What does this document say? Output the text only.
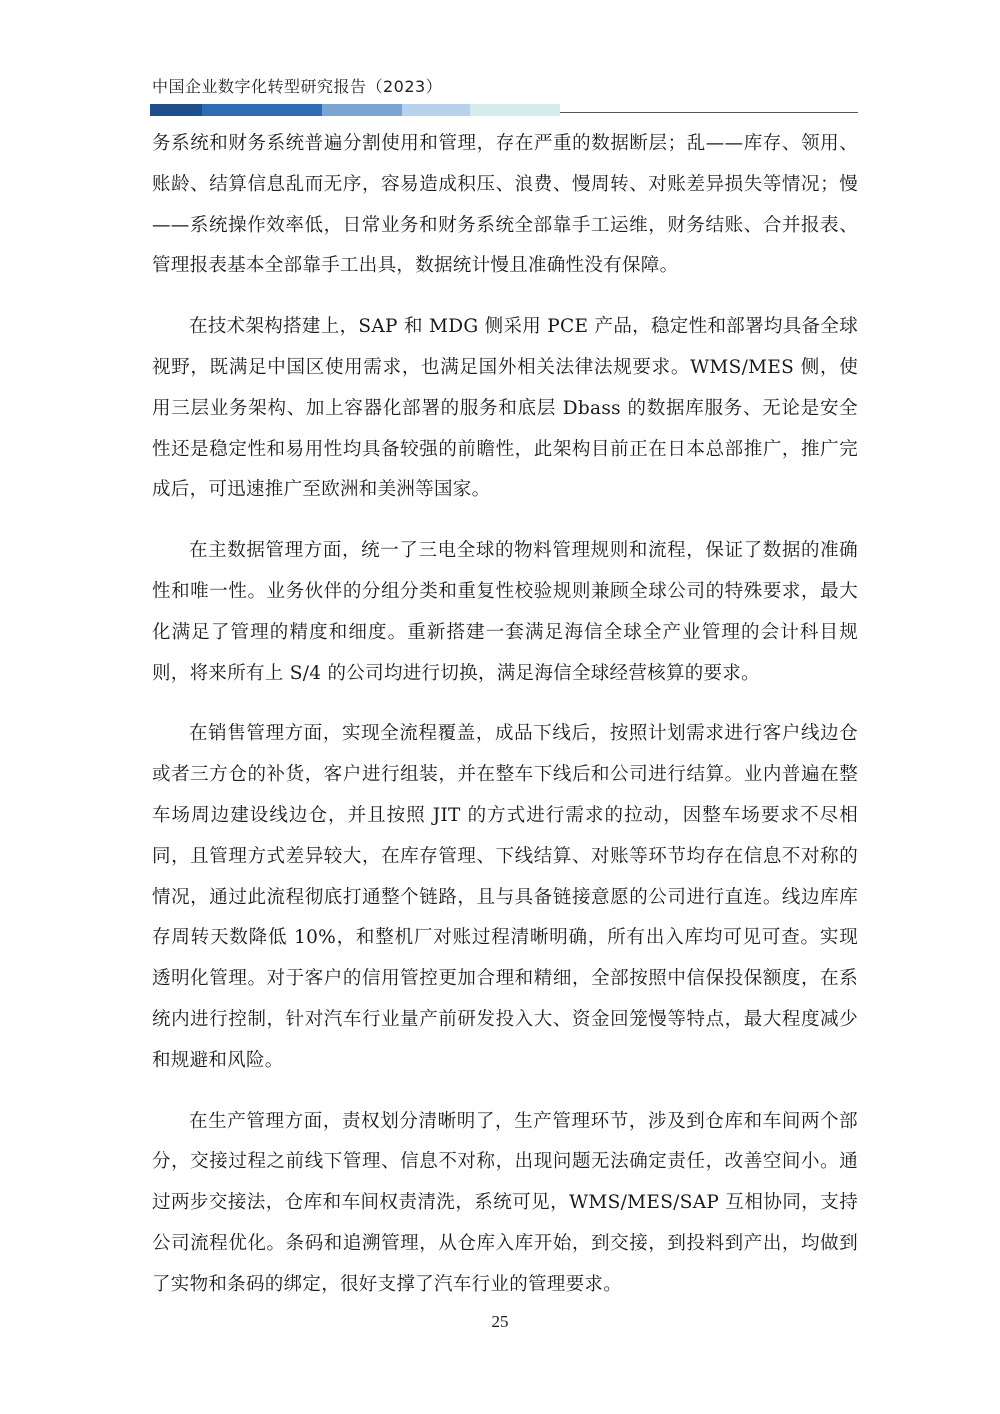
中国企业数字化转型研究报告（2023）

务系统和财务系统普遍分割使用和管理，存在严重的数据断层；乱——库存、领用、账龄、结算信息乱而无序，容易造成积压、浪费、慢周转、对账差异损失等情况；慢——系统操作效率低，日常业务和财务系统全部靠手工运维，财务结账、合并报表、管理报表基本全部靠手工出具，数据统计慢且准确性没有保障。

在技术架构搭建上，SAP 和 MDG 侧采用 PCE 产品，稳定性和部署均具备全球视野，既满足中国区使用需求，也满足国外相关法律法规要求。WMS/MES 侧，使用三层业务架构、加上容器化部署的服务和底层 Dbass 的数据库服务、无论是安全性还是稳定性和易用性均具备较强的前瞻性，此架构目前正在日本总部推广，推广完成后，可迅速推广至欧洲和美洲等国家。

在主数据管理方面，统一了三电全球的物料管理规则和流程，保证了数据的准确性和唯一性。业务伙伴的分组分类和重复性校验规则兼顾全球公司的特殊要求，最大化满足了管理的精度和细度。重新搭建一套满足海信全球全产业管理的会计科目规则，将来所有上 S/4 的公司均进行切换，满足海信全球经营核算的要求。

在销售管理方面，实现全流程覆盖，成品下线后，按照计划需求进行客户线边仓或者三方仓的补货，客户进行组装，并在整车下线后和公司进行结算。业内普遍在整车场周边建设线边仓，并且按照 JIT 的方式进行需求的拉动，因整车场要求不尽相同，且管理方式差异较大，在库存管理、下线结算、对账等环节均存在信息不对称的情况，通过此流程彻底打通整个链路，且与具备链接意愿的公司进行直连。线边库库存周转天数降低 10%，和整机厂对账过程清晰明确，所有出入库均可见可查。实现透明化管理。对于客户的信用管控更加合理和精细，全部按照中信保投保额度，在系统内进行控制，针对汽车行业量产前研发投入大、资金回笼慢等特点，最大程度减少和规避和风险。

在生产管理方面，责权划分清晰明了，生产管理环节，涉及到仓库和车间两个部分，交接过程之前线下管理、信息不对称，出现问题无法确定责任，改善空间小。通过两步交接法，仓库和车间权责清洗，系统可见，WMS/MES/SAP 互相协同，支持公司流程优化。条码和追溯管理，从仓库入库开始，到交接，到投料到产出，均做到了实物和条码的绑定，很好支撑了汽车行业的管理要求。

25
